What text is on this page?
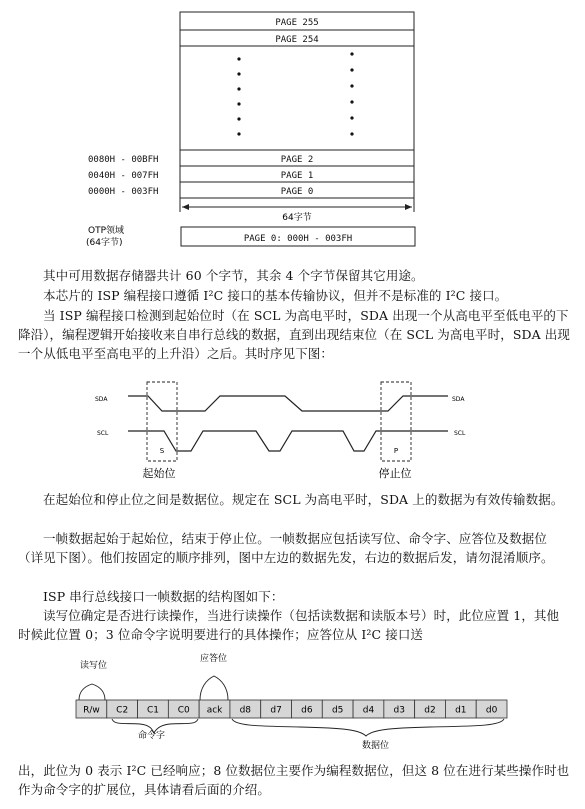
PAGE 255
PAGE 254
PAGE 2
PAGE 1
PAGE 0
0080H - 00BFH
0040H - 007FH
0000H - 003FH
PAGE 0: 000H - 003FH
64字节
OTP领域
(64字节)
其中可用数据存储器共计 60 个字节，其余 4 个字节保留其它用途。
本芯片的 ISP 编程接口遵循 I²C 接口的基本传输协议，但并不是标准的 I²C 接口。
当 ISP 编程接口检测到起始位时（在 SCL 为高电平时，SDA 出现一个从高电平至低电平的下降沿），编程逻辑开始接收来自串行总线的数据，直到出现结束位（在 SCL 为高电平时，SDA 出现一个从低电平至高电平的上升沿）之后。其时序见下图：
SDA
SCL
SDA
SCL
S	P
起始位	停止位
在起始位和停止位之间是数据位。规定在 SCL 为高电平时，SDA 上的数据为有效传输数据。
一帧数据起始于起始位，结束于停止位。一帧数据应包括读写位、命令字、应答位及数据位（详见下图）。他们按固定的顺序排列，图中左边的数据先发，右边的数据后发，请勿混淆顺序。
ISP 串行总线接口一帧数据的结构图如下：
读写位确定是否进行读操作，当进行读操作（包括读数据和读版本号）时，此位应置 1，其他时候此位置 0；3 位命令字说明要进行的具体操作；应答位从 I²C 接口送
R/w C2 C1 C0 ack d8 d7 d6 d5 d4 d3 d2 d1 d0
读写位
应答位
命令字
数据位
出，此位为 0 表示 I²C 已经响应；8 位数据位主要作为编程数据位，但这 8 位在进行某些操作时也作为命令字的扩展位，具体请看后面的介绍。
